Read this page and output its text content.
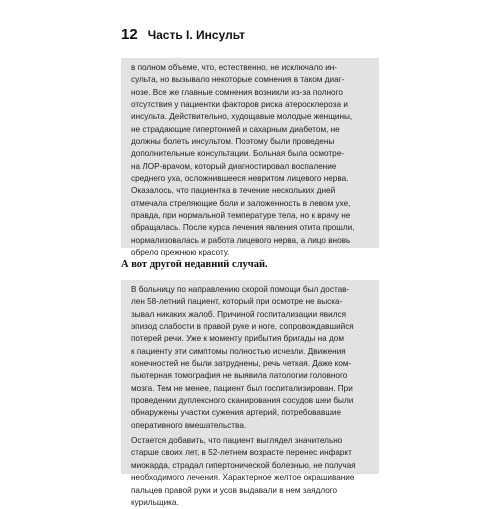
12 Часть I. Инсульт
в полном объеме, что, естественно, не исключало ин-
сульта, но вызывало некоторые сомнения в таком диаг-
нозе. Все же главные сомнения возникли из-за полного
отсутствия у пациентки факторов риска атеросклероза и
инсульта. Действительно, худощавые молодые женщины,
не страдающие гипертонией и сахарным диабетом, не
должны болеть инсультом. Поэтому были проведены
дополнительные консультации. Больная была осмотре-
на ЛОР-врачом, который диагностировал воспаление
среднего уха, осложнившееся невритом лицевого нерва.
Оказалось, что пациентка в течение нескольких дней
отмечала стреляющие боли и заложенность в левом ухе,
правда, при нормальной температуре тела, но к врачу не
обращалась. После курса лечения явления отита прошли,
нормализовалась и работа лицевого нерва, а лицо вновь
обрело прежнюю красоту.
А вот другой недавний случай.
В больницу по направлению скорой помощи был достав-
лен 58-летний пациент, который при осмотре не выска-
зывал никаких жалоб. Причиной госпитализации явился
эпизод слабости в правой руке и ноге, сопровождавшийся
потерей речи. Уже к моменту прибытия бригады на дом
к пациенту эти симптомы полностью исчезли. Движения
конечностей не были затруднены, речь четкая. Даже ком-
пьютерная томография не выявила патологии головного
мозга. Тем не менее, пациент был госпитализирован. При
проведении дуплексного сканирования сосудов шеи были
обнаружены участки сужения артерий, потребовавшие
оперативного вмешательства.
Остается добавить, что пациент выглядел значительно
старше своих лет, в 52-летнем возрасте перенес инфаркт
миокарда, страдал гипертонической болезнью, не получая
необходимого лечения. Характерное желтое окрашивание
пальцев правой руки и усов выдавали в нем заядлого
курильщика.
